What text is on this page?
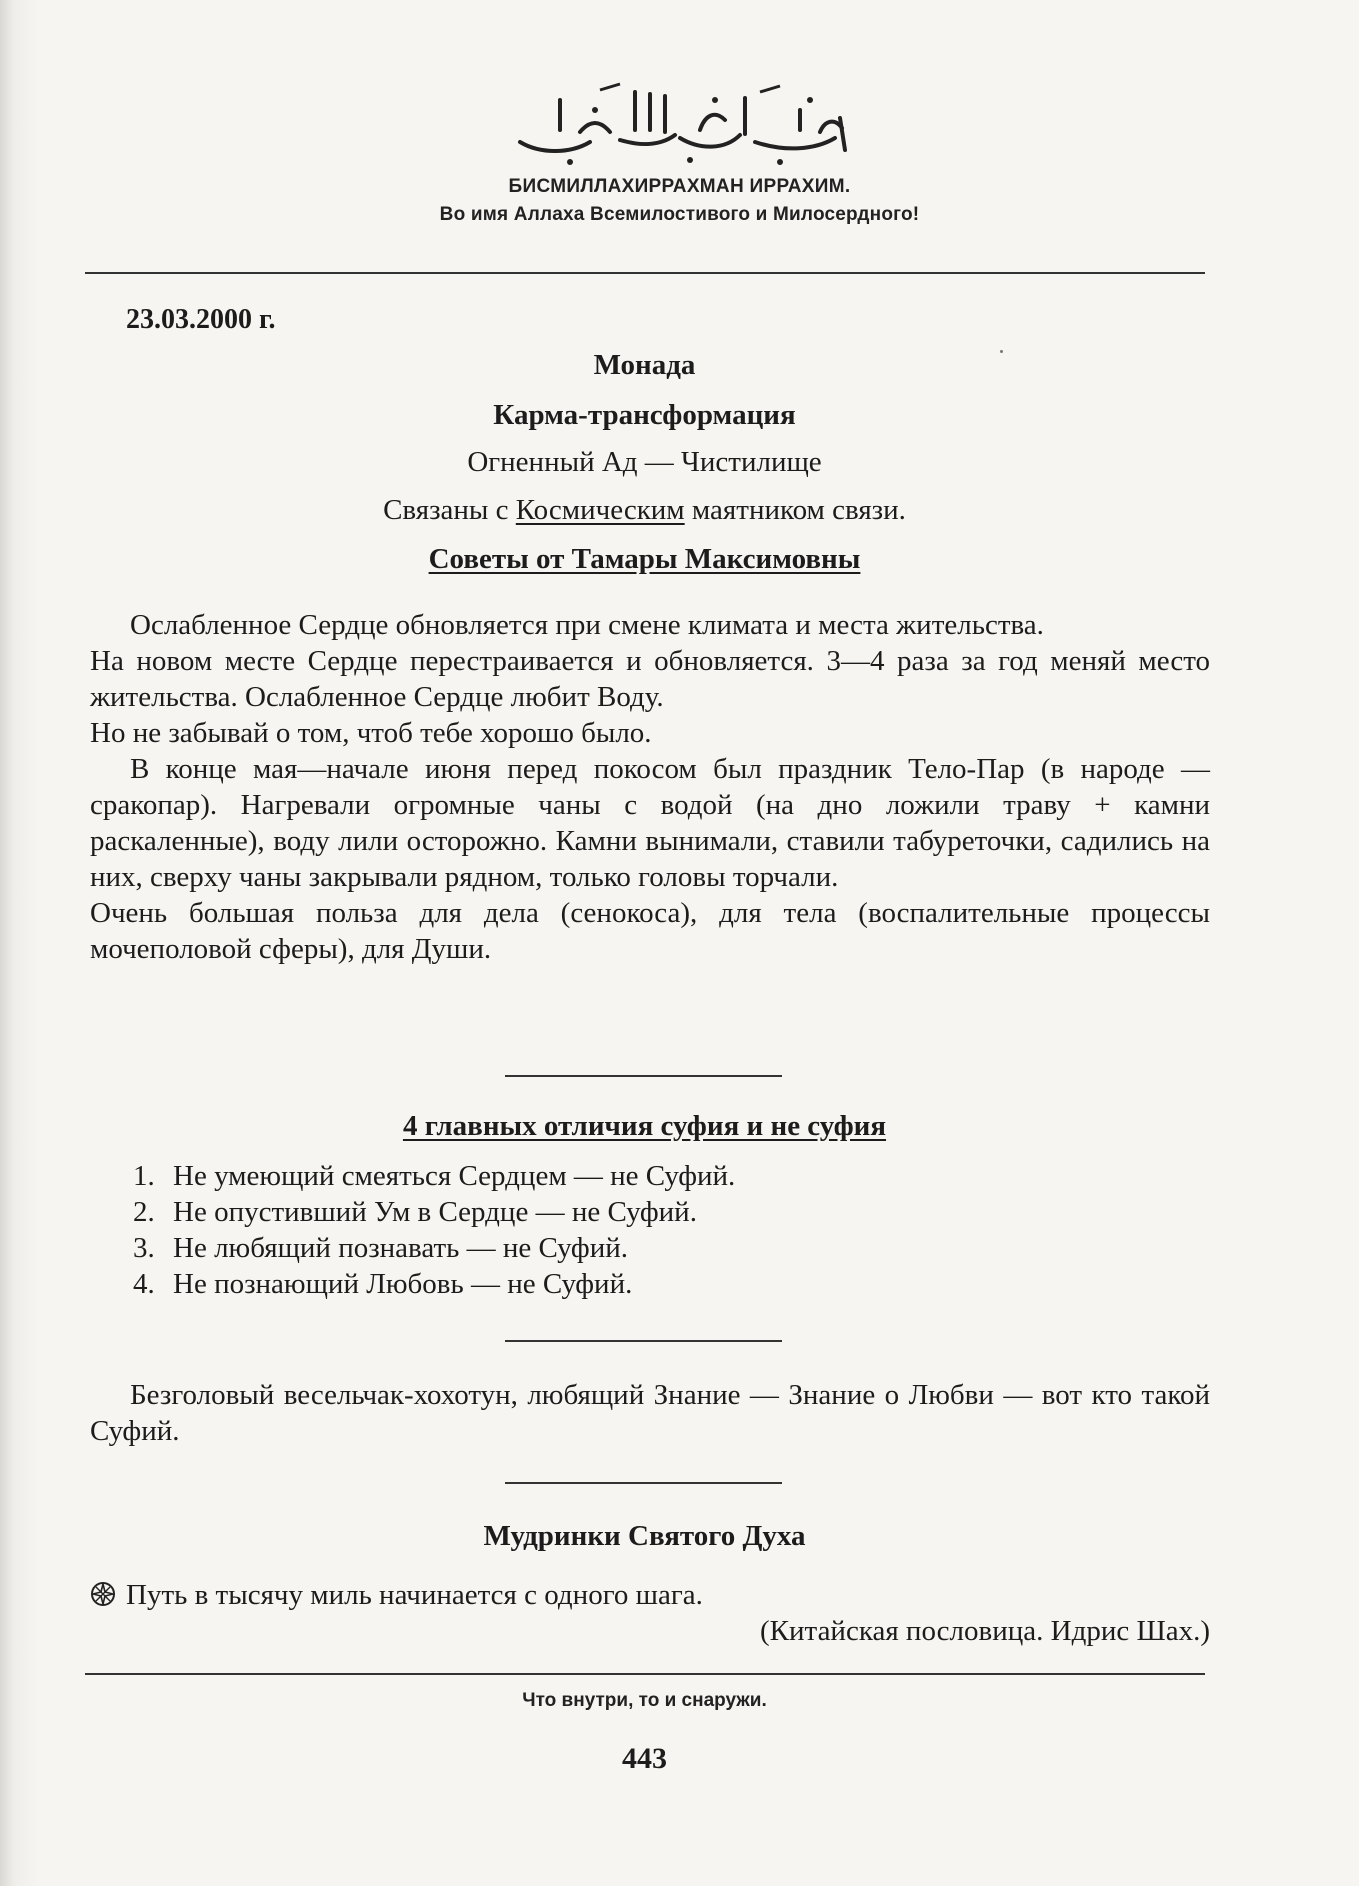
БИСМИЛЛАХИРРАХМАН ИРРАХИМ.
Во имя Аллаха Всемилостивого и Милосердного!
23.03.2000 г.
Монада
Карма-трансформация
Огненный Ад — Чистилище
Связаны с Космическим маятником связи.
Советы от Тамары Максимовны

Ослабленное Сердце обновляется при смене климата и места жительства.

На новом месте Сердце перестраивается и обновляется. 3—4 раза за год меняй место жительства. Ослабленное Сердце любит Воду.

Но не забывай о том, чтоб тебе хорошо было.

В конце мая—начале июня перед покосом был праздник Тело-Пар (в народе — сракопар). Нагревали огромные чаны с водой (на дно ложили траву + камни раскаленные), воду лили осторожно. Камни вынимали, ставили табуреточки, садились на них, сверху чаны закрывали рядном, только головы торчали.

Очень большая польза для дела (сенокоса), для тела (воспалительные процессы мочеполовой сферы), для Души.

4 главных отличия суфия и не суфия
1. Не умеющий смеяться Сердцем — не Суфий.
2. Не опустивший Ум в Сердце — не Суфий.
3. Не любящий познавать — не Суфий.
4. Не познающий Любовь — не Суфий.

Безголовый весельчак-хохотун, любящий Знание — Знание о Любви — вот кто такой Суфий.

Мудринки Святого Духа
Путь в тысячу миль начинается с одного шага.
(Китайская пословица. Идрис Шах.)
Что внутри, то и снаружи.
443
